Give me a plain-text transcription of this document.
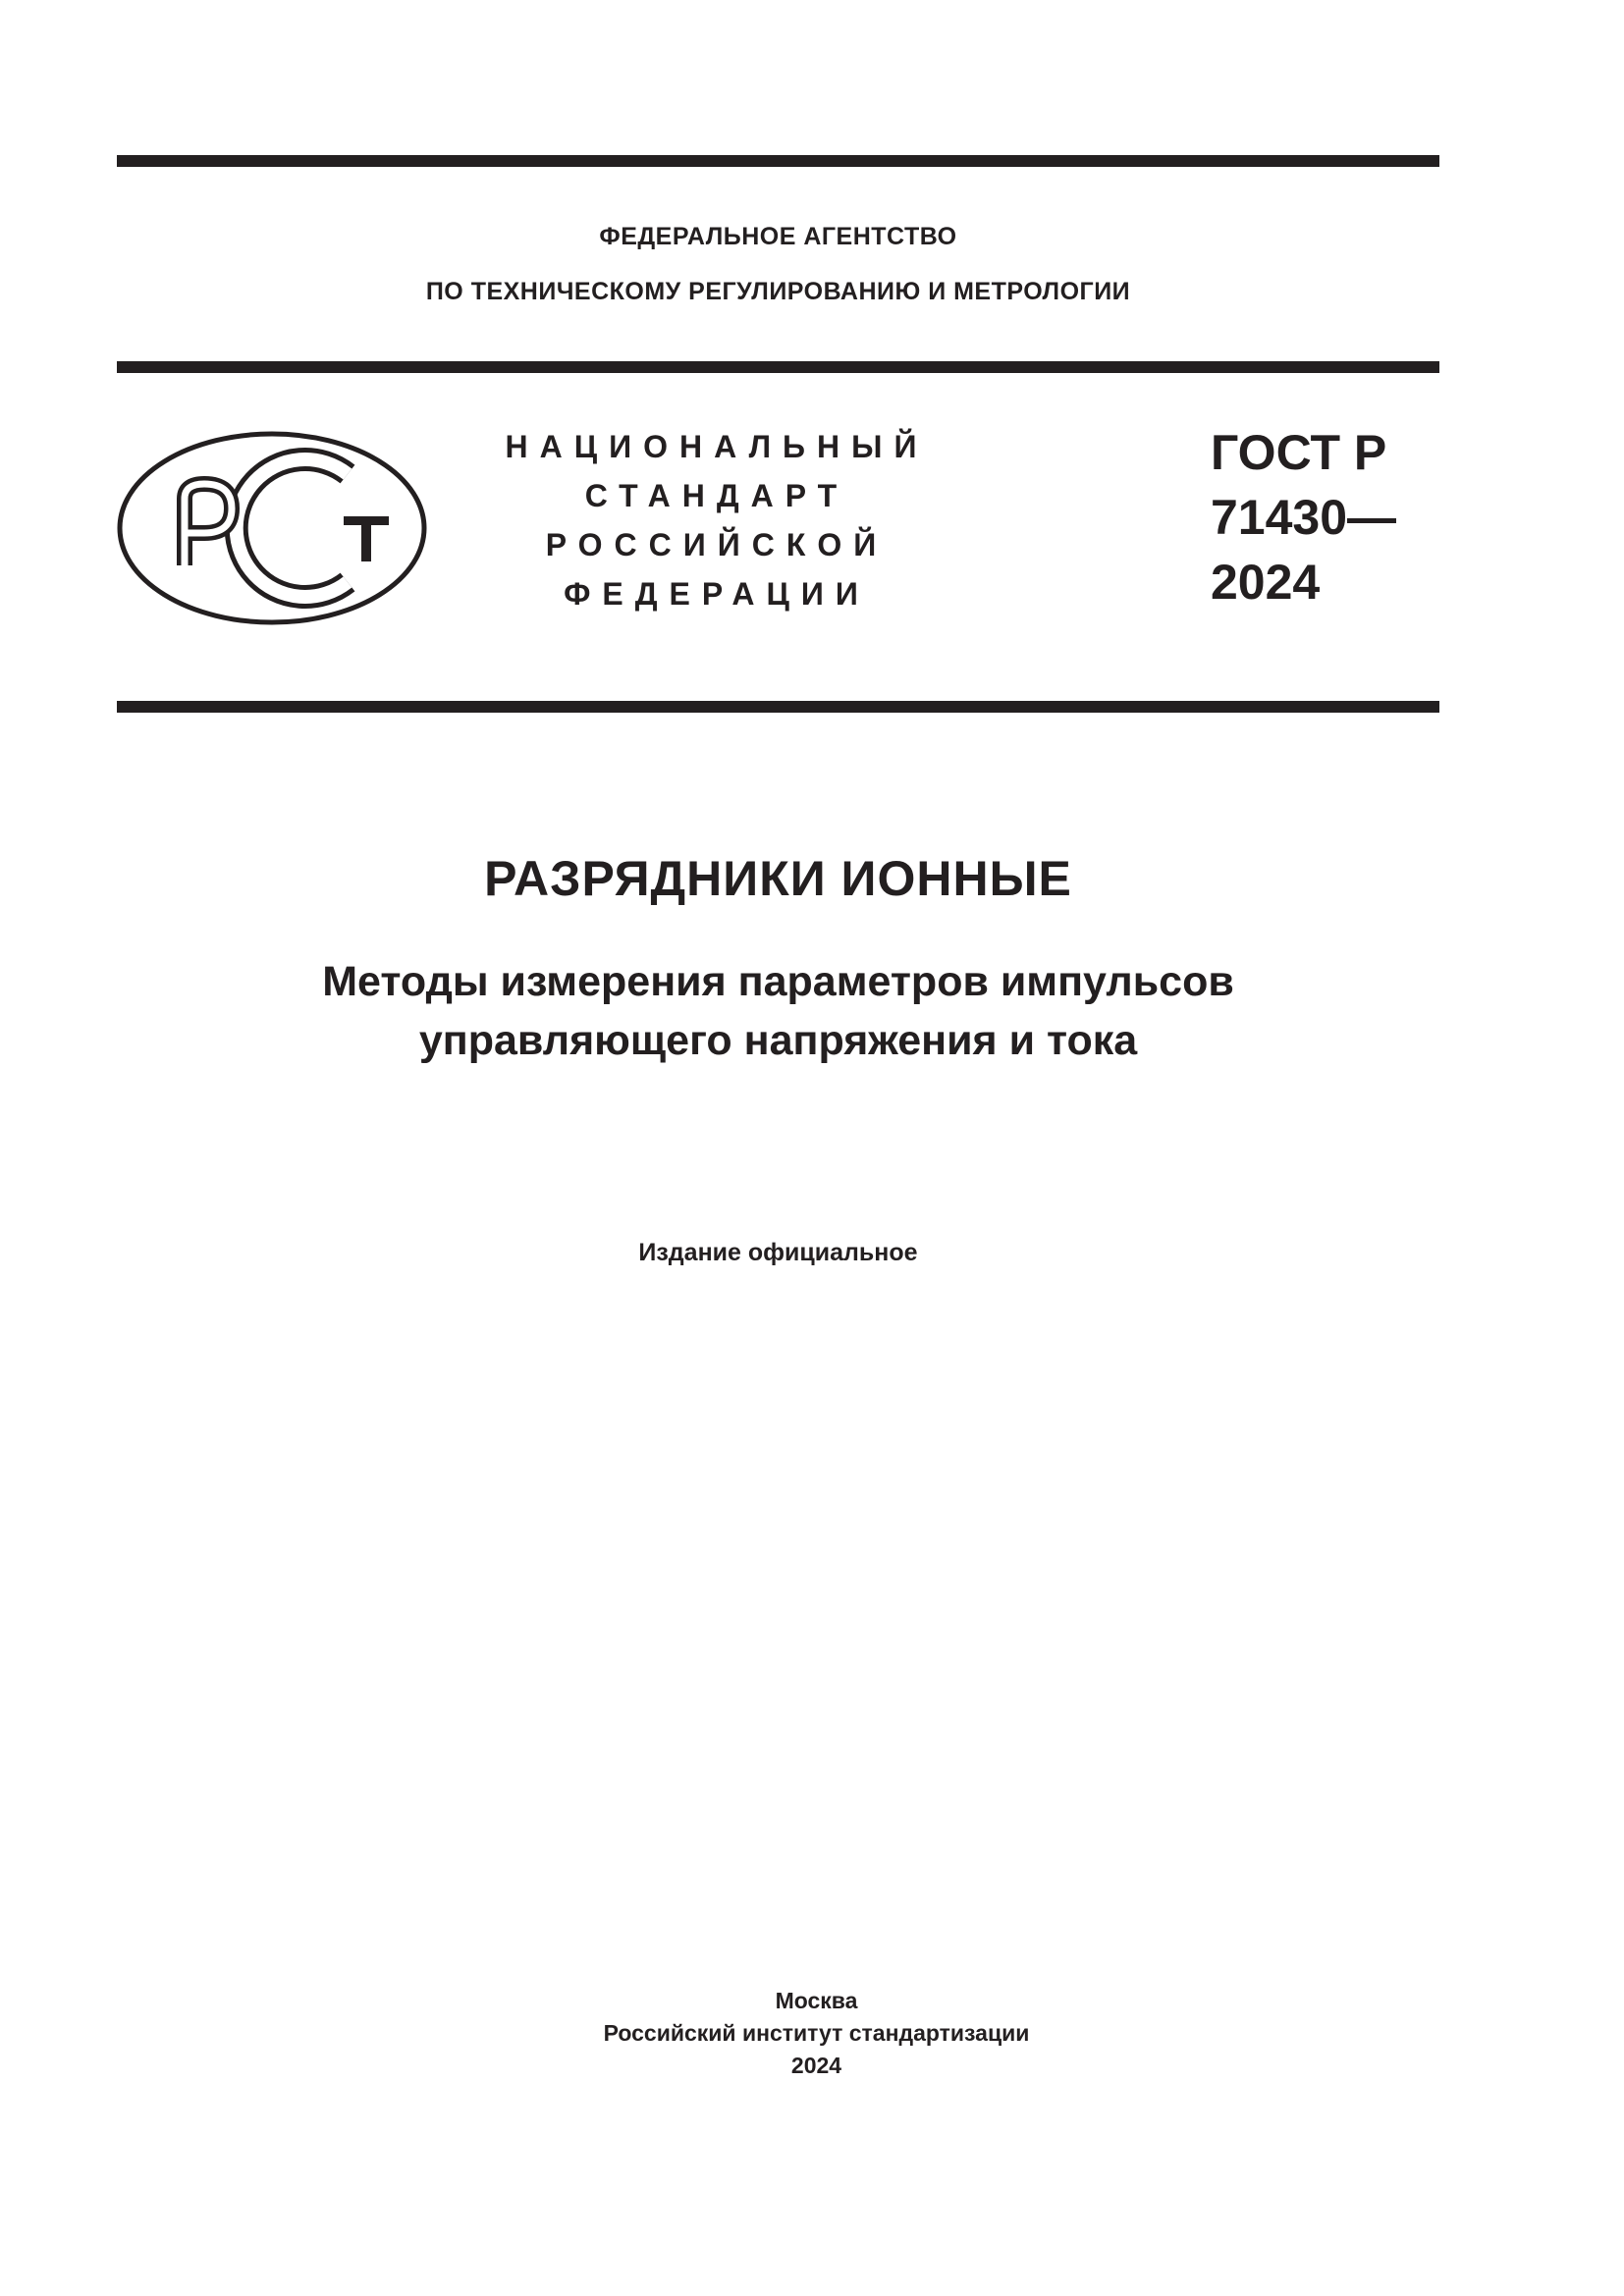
ФЕДЕРАЛЬНОЕ АГЕНТСТВО
ПО ТЕХНИЧЕСКОМУ РЕГУЛИРОВАНИЮ И МЕТРОЛОГИИ
НАЦИОНАЛЬНЫЙ
СТАНДАРТ
РОССИЙСКОЙ
ФЕДЕРАЦИИ
ГОСТ Р
71430—
2024
РАЗРЯДНИКИ ИОННЫЕ
Методы измерения параметров импульсов
управляющего напряжения и тока
Издание официальное
Москва
Российский институт стандартизации
2024
